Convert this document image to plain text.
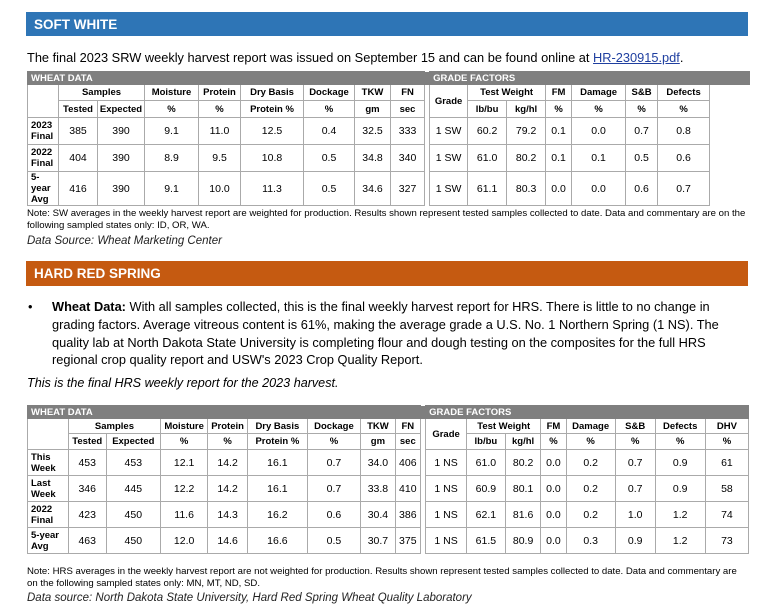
SOFT WHITE
The final 2023 SRW weekly harvest report was issued on September 15 and can be found online at HR-230915.pdf.
WHEAT DATA										GRADE FACTORS						
	Samples		Moisture	Protein	Dry Basis	Dockage	TKW	FN		Grade	Test Weight		FM	Damage	S&B	Defects
	Tested	Expected	%	%	Protein %	%	gm	sec			lb/bu	kg/hl	%	%	%	%

2023
Final	385	390	9.1	11.0	12.5	0.4	32.5	333		1 SW	60.2	79.2	0.1	0.0	0.7	0.8

2022
Final	404	390	8.9	9.5	10.8	0.5	34.8	340		1 SW	61.0	80.2	0.1	0.1	0.5	0.6

5-year
Avg	416	390	9.1	10.0	11.3	0.5	34.6	327		1 SW	61.1	80.3	0.0	0.0	0.6	0.7
Note: SW averages in the weekly harvest report are weighted for production. Results shown represent tested samples collected to date. Data and commentary are on the following sampled states only: ID, OR, WA.
Data Source: Wheat Marketing Center
HARD RED SPRING
•	Wheat Data: With all samples collected, this is the final weekly harvest report for HRS. There is little to no change in grading factors. Average vitreous content is 61%, making the average grade a U.S. No. 1 Northern Spring (1 NS). The quality lab at North Dakota State University is completing flour and dough testing on the composites for the full HRS regional crop quality report and USW's 2023 Crop Quality Report.
This is the final HRS weekly report for the 2023 harvest.
WHEAT DATA										GRADE FACTORS							
	Samples		Moisture	Protein	Dry Basis	Dockage	TKW	FN		Grade	Test Weight		FM	Damage	S&B	Defects	DHV
	Tested	Expected	%	%	Protein %	%	gm	sec			lb/bu	kg/hl	%	%	%	%	%

This
Week	453	453	12.1	14.2	16.1	0.7	34.0	406		1 NS	61.0	80.2	0.0	0.2	0.7	0.9	61

Last
Week	346	445	12.2	14.2	16.1	0.7	33.8	410		1 NS	60.9	80.1	0.0	0.2	0.7	0.9	58

2022
Final	423	450	11.6	14.3	16.2	0.6	30.4	386		1 NS	62.1	81.6	0.0	0.2	1.0	1.2	74

5-year
Avg	463	450	12.0	14.6	16.6	0.5	30.7	375		1 NS	61.5	80.9	0.0	0.3	0.9	1.2	73
Note: HRS averages in the weekly harvest report are not weighted for production. Results shown represent tested samples collected to date. Data and commentary are on the following sampled states only: MN, MT, ND, SD.
Data source: North Dakota State University, Hard Red Spring Wheat Quality Laboratory
